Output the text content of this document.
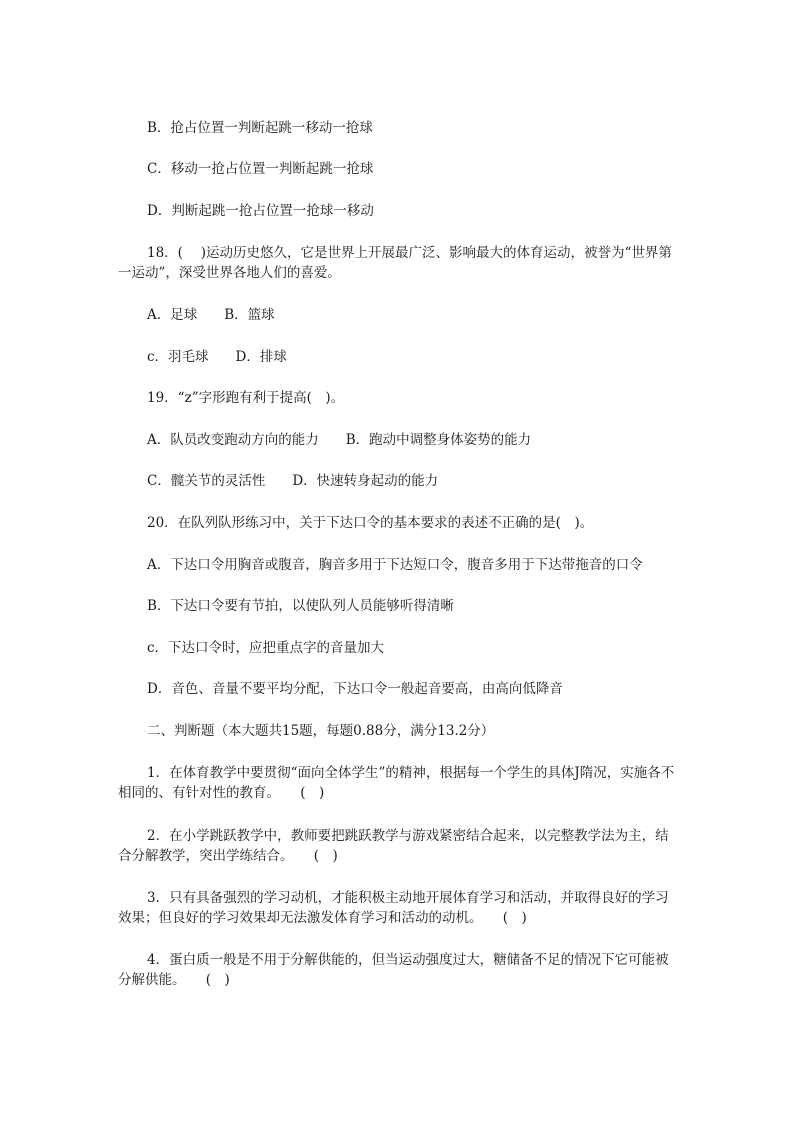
B．抢占位置一判断起跳一移动一抢球
C．移动一抢占位置一判断起跳一抢球
D．判断起跳一抢占位置一抢球一移动
18．(　 )运动历史悠久，它是世界上开展最广泛、影响最大的体育运动，被誉为“世界第一运动”，深受世界各地人们的喜爱。
A．足球　　B．篮球
c．羽毛球　　D．排球
19．“z”字形跑有利于提高(　)。
A．队员改变跑动方向的能力　　B．跑动中调整身体姿势的能力
C．髋关节的灵活性　　D．快速转身起动的能力
20．在队列队形练习中，关于下达口令的基本要求的表述不正确的是(　)。
A．下达口令用胸音或腹音，胸音多用于下达短口令，腹音多用于下达带拖音的口令
B．下达口令要有节拍，以使队列人员能够听得清晰
c．下达口令时，应把重点字的音量加大
D．音色、音量不要平均分配，下达口令一般起音要高，由高向低降音
二、判断题（本大题共15题，每题0.88分，满分13.2分）
1．在体育教学中要贯彻“面向全体学生”的精神，根据每一个学生的具体J隋况，实施各不相同的、有针对性的教育。　　(　)
2．在小学跳跃教学中，教师要把跳跃教学与游戏紧密结合起来，以完整教学法为主，结合分解教学，突出学练结合。　　(　)
3．只有具备强烈的学习动机，才能积极主动地开展体育学习和活动，并取得良好的学习效果；但良好的学习效果却无法激发体育学习和活动的动机。　　(　)
4．蛋白质一般是不用于分解供能的，但当运动强度过大，糖储备不足的情况下它可能被分解供能。　　(　)
